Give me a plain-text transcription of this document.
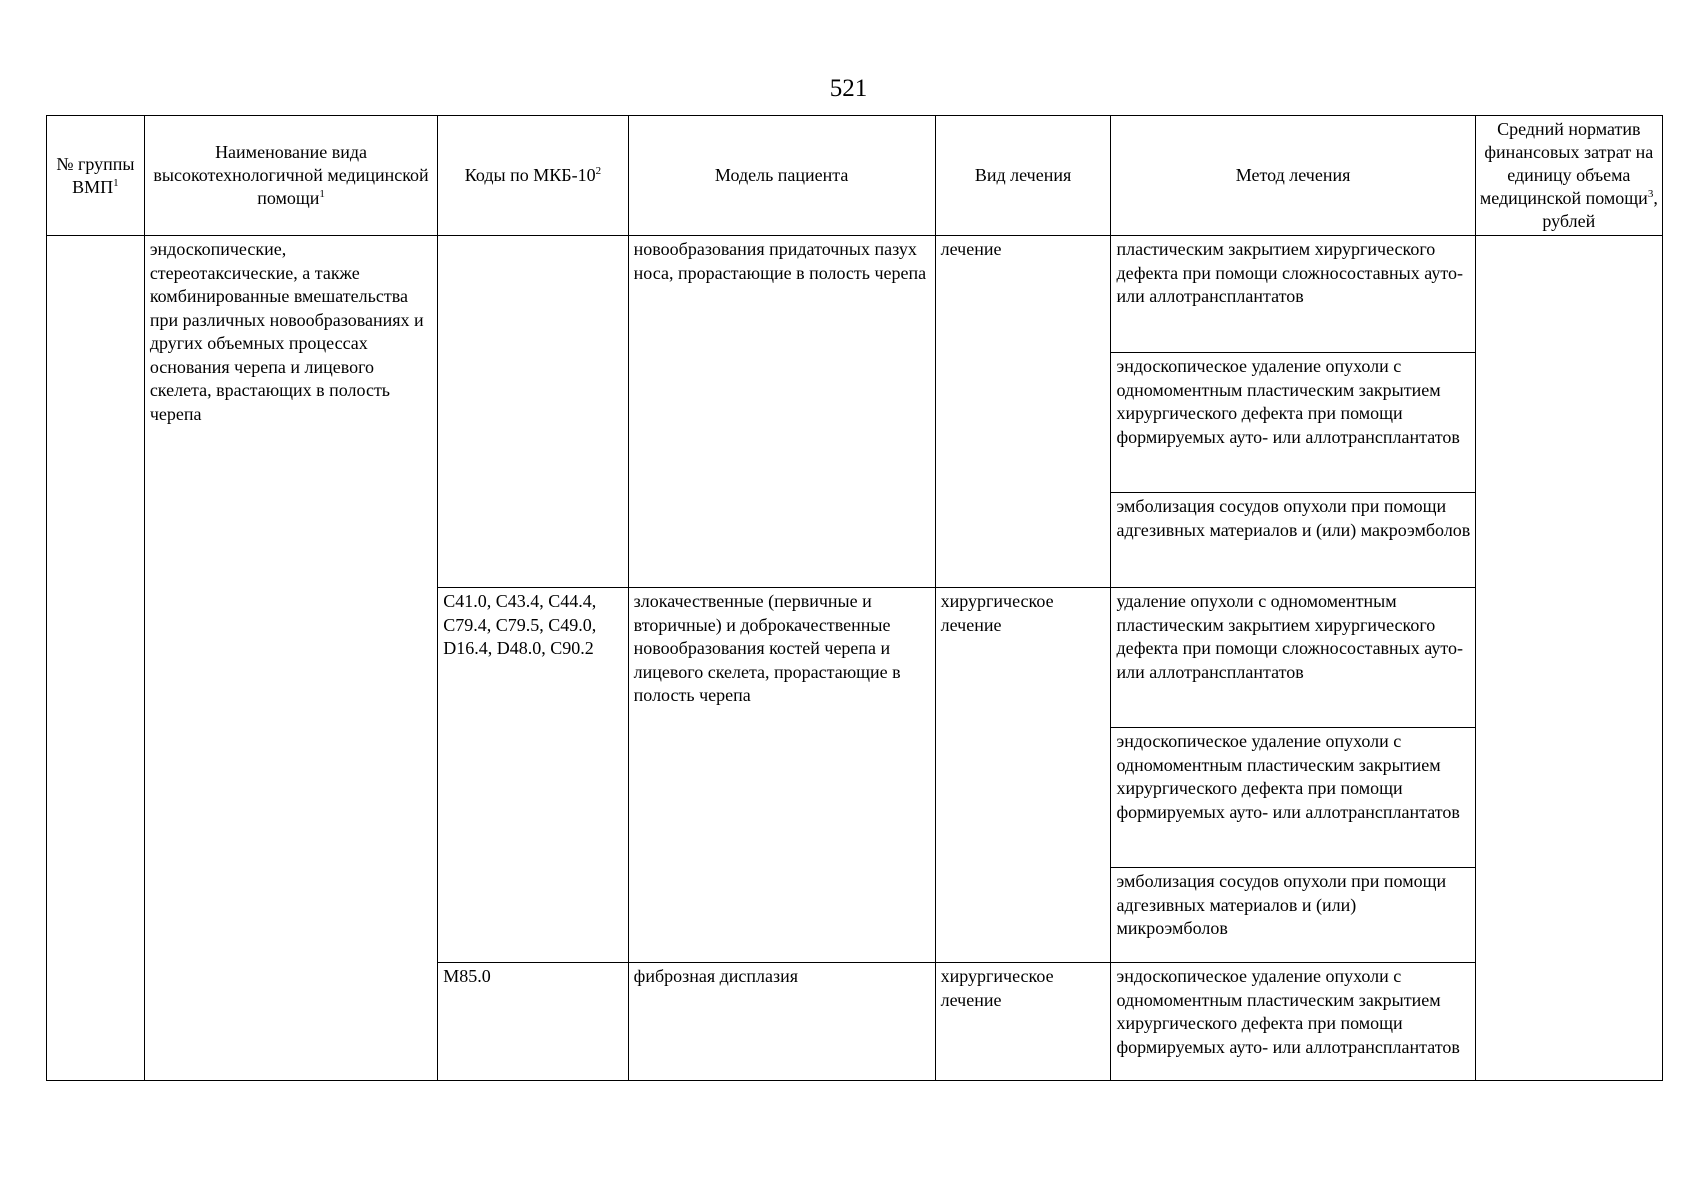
521
№ группы ВМП$^1$	Наименование вида высокотехнологичной медицинской помощи$^1$	Коды по МКБ-$10^2$	Модель пациента	Вид лечения	Метод лечения	Средний норматив финансовых затрат на единицу объема медицинской помощи$^3$, рублей
	эндоскопические, стереотаксические, а также комбинированные вмешательства при различных новообразованиях и других объемных процессах основания черепа и лицевого скелета, врастающих в полость черепа		новообразования придаточных пазух носа, прорастающие в полость черепа	лечение	пластическим закрытием хирургического дефекта при помощи сложносоставных ауто- или аллотрансплантатов
эндоскопическое удаление опухоли с одномоментным пластическим закрытием хирургического дефекта при помощи формируемых ауто- или аллотрансплантатов
эмболизация сосудов опухоли при помощи адгезивных материалов и (или) макроэмболов	

		C41.0, C43.4, C44.4, C79.4, C79.5, C49.0, D16.4, D48.0, C90.2	злокачественные (первичные и вторичные) и доброкачественные новообразования костей черепа и лицевого скелета, прорастающие в полость черепа	хирургическое лечение	удаление опухоли с одномоментным пластическим закрытием хирургического дефекта при помощи сложносоставных ауто- или аллотрансплантатов
эндоскопическое удаление опухоли с одномоментным пластическим закрытием хирургического дефекта при помощи формируемых ауто- или аллотрансплантатов
эмболизация сосудов опухоли при помощи адгезивных материалов и (или) микроэмболов	

		M85.0	фиброзная дисплазия	хирургическое лечение	эндоскопическое удаление опухоли с одномоментным пластическим закрытием хирургического дефекта при помощи формируемых ауто- или аллотрансплантатов	
